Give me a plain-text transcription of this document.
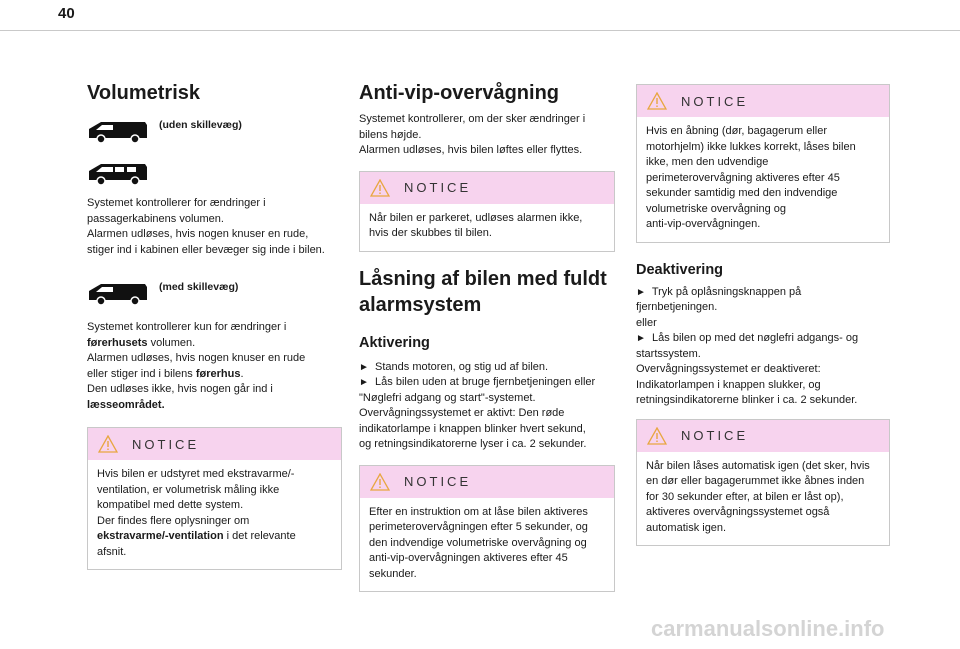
40
Volumetrisk
(uden skillevæg)

Systemet kontrollerer for ændringer i

passagerkabinens volumen.

Alarmen udløses, hvis nogen knuser en rude,

stiger ind i kabinen eller bevæger sig inde i bilen.

(med skillevæg)

Systemet kontrollerer kun for ændringer i

førerhusets volumen.

Alarmen udløses, hvis nogen knuser en rude

eller stiger ind i bilens førerhus.

Den udløses ikke, hvis nogen går ind i

læsseområdet.

NOTICE

Hvis bilen er udstyret med ekstravarme/-

ventilation, er volumetrisk måling ikke

kompatibel med dette system.

Der findes flere oplysninger om

ekstravarme/-ventilation i det relevante

afsnit.

Anti-vip-overvågning

Systemet kontrollerer, om der sker ændringer i

bilens højde.

Alarmen udløses, hvis bilen løftes eller flyttes.

NOTICE

Når bilen er parkeret, udløses alarmen ikke,

hvis der skubbes til bilen.

Låsning af bilen med fuldt
alarmsystem
Aktivering

► Stands motoren, og stig ud af bilen.

► Lås bilen uden at bruge fjernbetjeningen eller

"Nøglefri adgang og start"-systemet.

Overvågningssystemet er aktivt: Den røde

indikatorlampe i knappen blinker hvert sekund,

og retningsindikatorerne lyser i ca. 2 sekunder.

NOTICE

Efter en instruktion om at låse bilen aktiveres

perimeterovervågningen efter 5 sekunder, og

den indvendige volumetriske overvågning og

anti-vip-overvågningen aktiveres efter 45

sekunder.

NOTICE

Hvis en åbning (dør, bagagerum eller

motorhjelm) ikke lukkes korrekt, låses bilen

ikke, men den udvendige

perimeterovervågning aktiveres efter 45

sekunder samtidig med den indvendige

volumetriske overvågning og

anti-vip-overvågningen.

Deaktivering

► Tryk på oplåsningsknappen på

fjernbetjeningen.

eller

► Lås bilen op med det nøglefri adgangs- og

startssystem.

Overvågningssystemet er deaktiveret:

Indikatorlampen i knappen slukker, og

retningsindikatorerne blinker i ca. 2 sekunder.

NOTICE

Når bilen låses automatisk igen (det sker, hvis

en dør eller bagagerummet ikke åbnes inden

for 30 sekunder efter, at bilen er låst op),

aktiveres overvågningssystemet også

automatisk igen.

carmanualsonline.info
